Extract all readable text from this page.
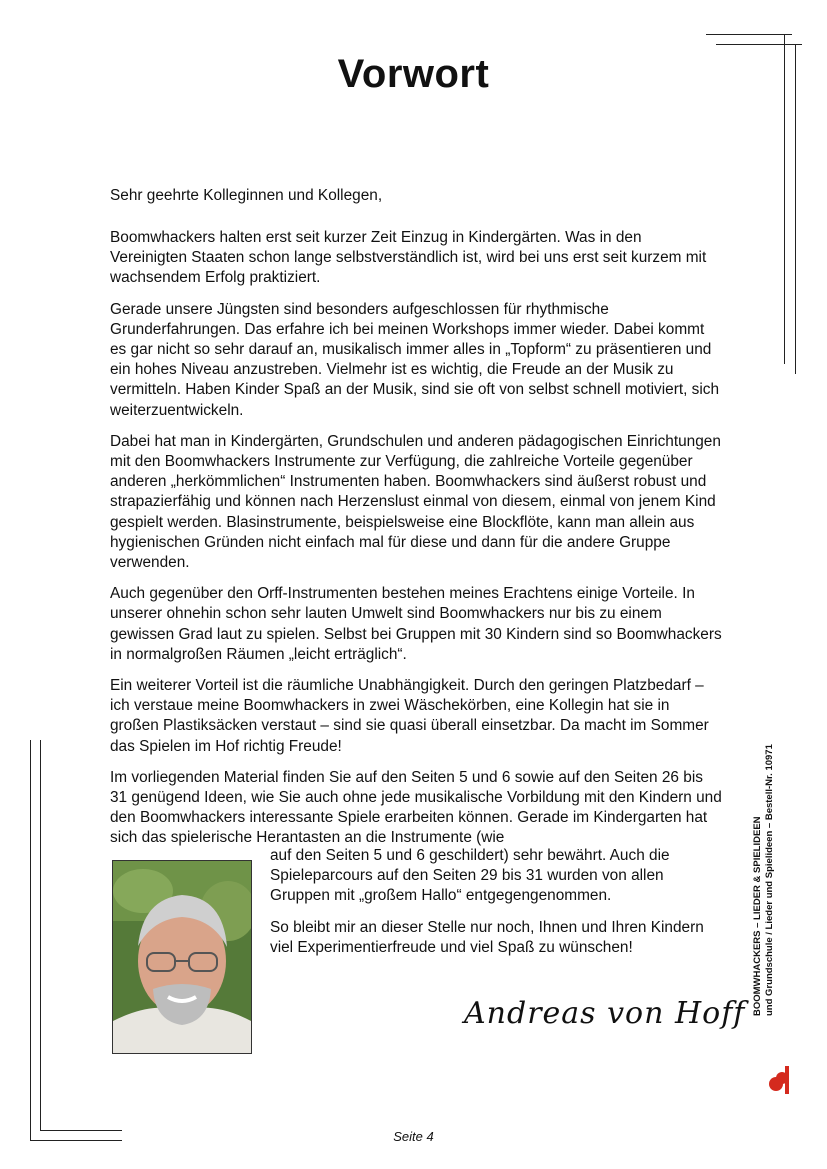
Vorwort
Sehr geehrte Kolleginnen und Kollegen,

Boomwhackers halten erst seit kurzer Zeit Einzug in Kindergärten. Was in den Vereinigten Staaten schon lange selbstverständlich ist, wird bei uns erst seit kurzem mit wachsendem Erfolg praktiziert.

Gerade unsere Jüngsten sind besonders aufgeschlossen für rhythmische Grunderfahrungen. Das erfahre ich bei meinen Workshops immer wieder. Dabei kommt es gar nicht so sehr darauf an, musikalisch immer alles in „Topform“ zu präsentieren und ein hohes Niveau anzustreben. Vielmehr ist es wichtig, die Freude an der Musik zu vermitteln. Haben Kinder Spaß an der Musik, sind sie oft von selbst schnell motiviert, sich weiterzuentwickeln.

Dabei hat man in Kindergärten, Grundschulen und anderen pädagogischen Einrichtungen mit den Boomwhackers Instrumente zur Verfügung, die zahlreiche Vorteile gegenüber anderen „herkömmlichen“ Instrumenten haben. Boomwhackers sind äußerst robust und strapazierfähig und können nach Herzenslust einmal von diesem, einmal von jenem Kind gespielt werden. Blasinstrumente, beispielsweise eine Blockflöte, kann man allein aus hygienischen Gründen nicht einfach mal für diese und dann für die andere Gruppe verwenden.

Auch gegenüber den Orff-Instrumenten bestehen meines Erachtens einige Vorteile. In unserer ohnehin schon sehr lauten Umwelt sind Boomwhackers nur bis zu einem gewissen Grad laut zu spielen. Selbst bei Gruppen mit 30 Kindern sind so Boomwhackers in normalgroßen Räumen „leicht erträglich“.

Ein weiterer Vorteil ist die räumliche Unabhängigkeit. Durch den geringen Platzbedarf – ich verstaue meine Boomwhackers in zwei Wäschekörben, eine Kollegin hat sie in großen Plastiksäcken verstaut – sind sie quasi überall einsetzbar. Da macht im Sommer das Spielen im Hof richtig Freude!

Im vorliegenden Material finden Sie auf den Seiten 5 und 6 sowie auf den Seiten 26 bis 31 genügend Ideen, wie Sie auch ohne jede musikalische Vorbildung mit den Kindern und den Boomwhackers interessante Spiele erarbeiten können. Gerade im Kindergarten hat sich das spielerische Herantasten an die Instrumente (wie

auf den Seiten 5 und 6 geschildert) sehr bewährt. Auch die Spieleparcours auf den Seiten 29 bis 31 wurden von allen Gruppen mit „großem Hallo“ entgegengenommen.

So bleibt mir an dieser Stelle nur noch, Ihnen und Ihren Kindern viel Experimentierfreude und viel Spaß zu wünschen!

Andreas von Hoff
Seite 4
BOOMWHACKERS – LIEDER & SPIELIDEEN und Grundschule / Lieder und Spielideen – Bestell-Nr. 10971
